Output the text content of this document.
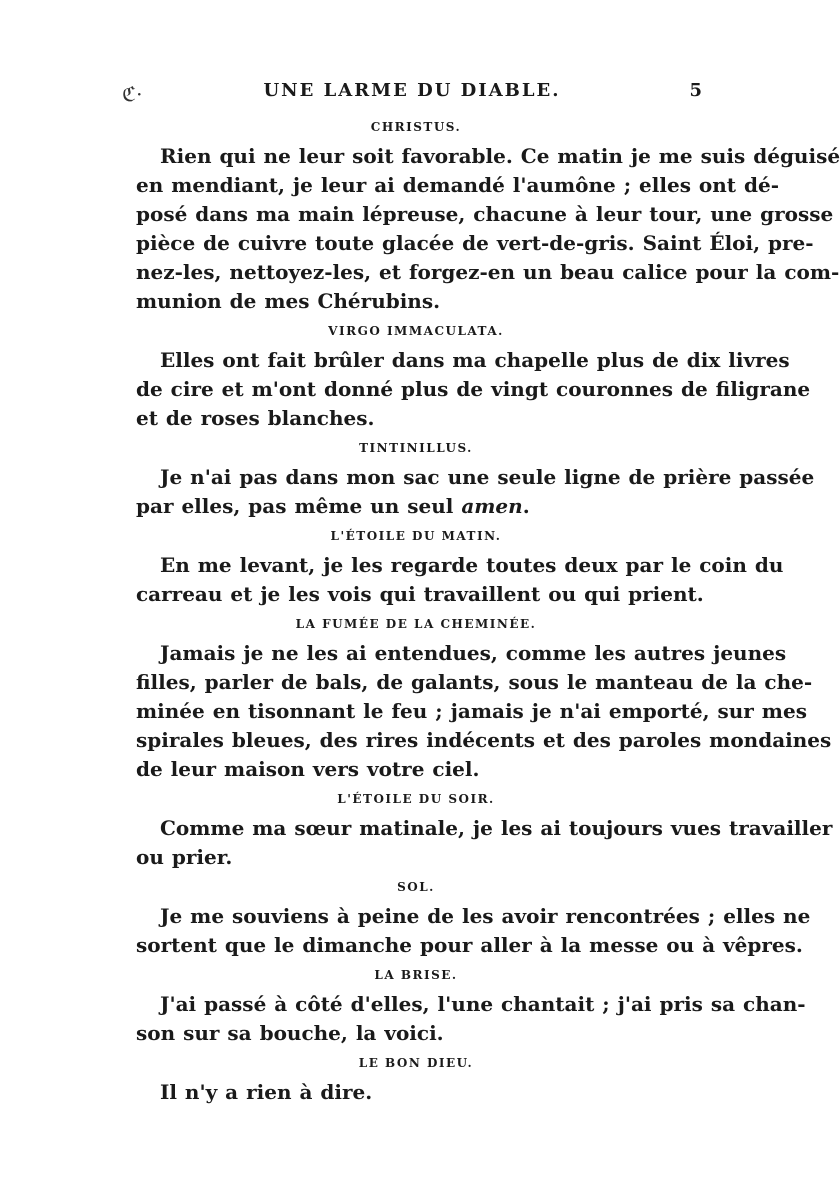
ℭ·	UNE LARME DU DIABLE.	5
CHRISTUS.
Rien qui ne leur soit favorable. Ce matin je me suis déguisé
en mendiant, je leur ai demandé l'aumône ; elles ont dé-
posé dans ma main lépreuse, chacune à leur tour, une grosse
pièce de cuivre toute glacée de vert-de-gris. Saint Éloi, pre-
nez-les, nettoyez-les, et forgez-en un beau calice pour la com-
munion de mes Chérubins.
VIRGO IMMACULATA.
Elles ont fait brûler dans ma chapelle plus de dix livres
de cire et m'ont donné plus de vingt couronnes de filigrane
et de roses blanches.
TINTINILLUS.
Je n'ai pas dans mon sac une seule ligne de prière passée
par elles, pas même un seul amen.
L'ÉTOILE DU MATIN.
En me levant, je les regarde toutes deux par le coin du
carreau et je les vois qui travaillent ou qui prient.
LA FUMÉE DE LA CHEMINÉE.
Jamais je ne les ai entendues, comme les autres jeunes
filles, parler de bals, de galants, sous le manteau de la che-
minée en tisonnant le feu ; jamais je n'ai emporté, sur mes
spirales bleues, des rires indécents et des paroles mondaines
de leur maison vers votre ciel.
L'ÉTOILE DU SOIR.
Comme ma sœur matinale, je les ai toujours vues travailler
ou prier.
SOL.
Je me souviens à peine de les avoir rencontrées ; elles ne
sortent que le dimanche pour aller à la messe ou à vêpres.
LA BRISE.
J'ai passé à côté d'elles, l'une chantait ; j'ai pris sa chan-
son sur sa bouche, la voici.
LE BON DIEU.
Il n'y a rien à dire.
